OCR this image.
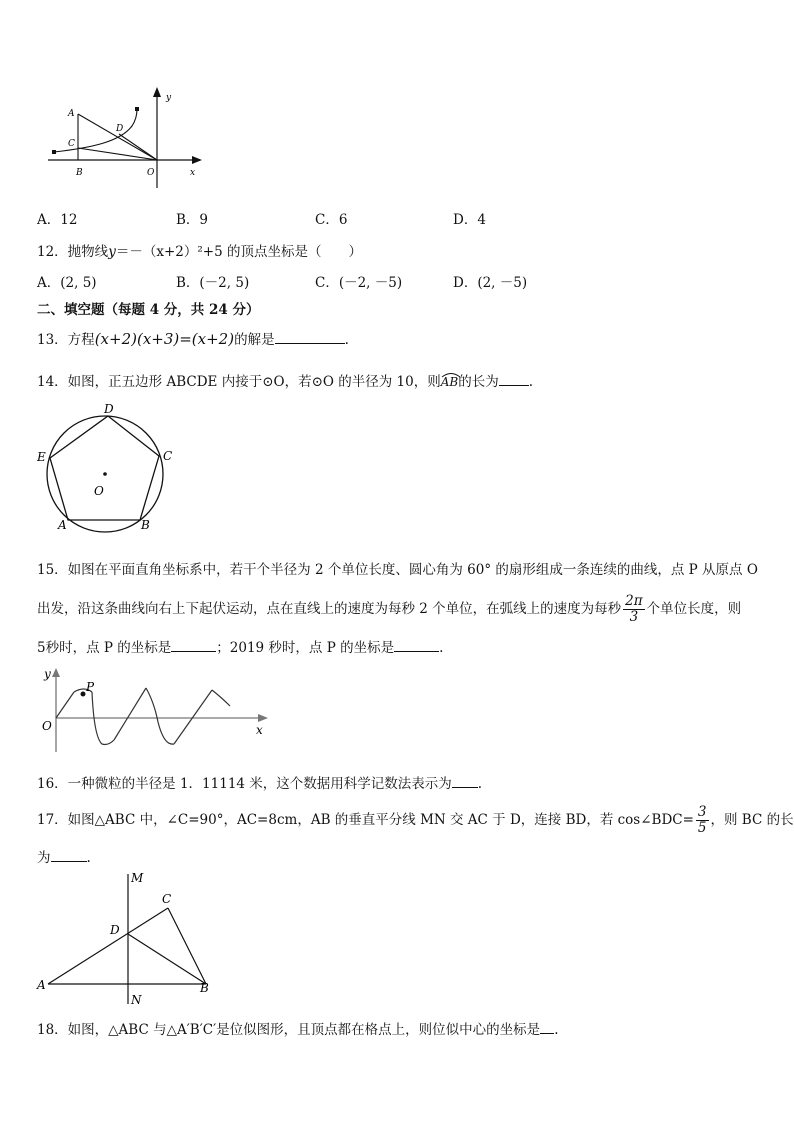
A
C
D
B	O	x
y
A．12	B．9	C．6	D．4
12．抛物线y＝－（x+2）²+5 的顶点坐标是（　　）
A．(2, 5)	B．(－2, 5)	C．(－2, －5)	D．(2, －5)
二、填空题（每题 4 分，共 24 分）
13．方程(x+2)(x+3)=(x+2)的解是	.
14．如图，正五边形 ABCDE 内接于⊙O，若⊙O 的半径为 10，则
AB的长为 .
D
E	C
O
A	B
15．如图在平面直角坐标系中，若干个半径为 2 个单位长度、圆心角为 60° 的扇形组成一条连续的曲线，点 P 从原点 O
出发，沿这条曲线向右上下起伏运动，点在直线上的速度为每秒 2 个单位，在弧线上的速度为每秒 $\frac{2\pi}{3}$ 个单位长度，则
5秒时，点 P 的坐标是	；2019 秒时，点 P 的坐标是	.
y
P
O	x
16．一种微粒的半径是 1．11114 米，这个数据用科学记数法表示为 .
17．如图△ABC 中，∠C=90°，AC=8cm，AB 的垂直平分线 MN 交 AC 于 D，连接 BD，若 cos∠BDC= $\frac{3}{5}$ ，则 BC 的长
为	.
M
C
D
A	B
N
18．如图，△ABC 与△A′B′C′是位似图形，且顶点都在格点上，则位似中心的坐标是 .
